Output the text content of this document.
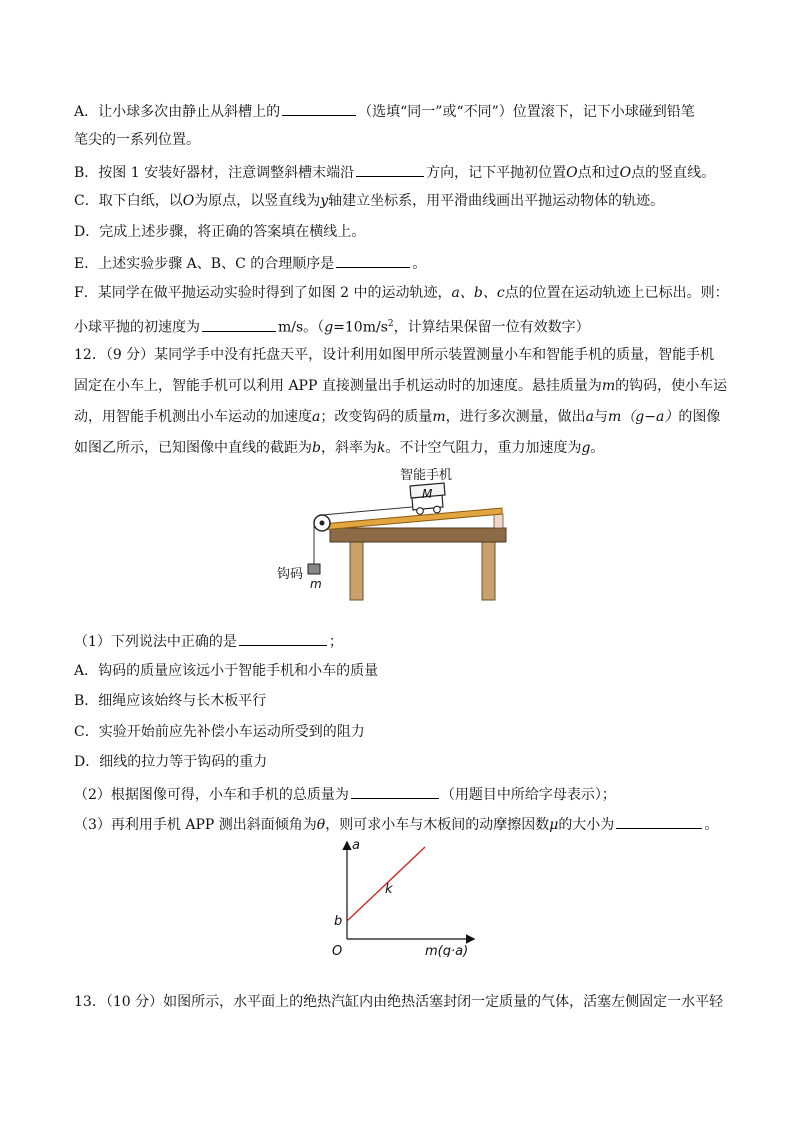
A．让小球多次由静止从斜槽上的	（选填“同一”或“不同”）位置滚下，记下小球碰到铅笔
笔尖的一系列位置。
B．按图 1 安装好器材，注意调整斜槽末端沿	方向，记下平抛初位置O点和过O点的竖直线。
C．取下白纸，以O为原点，以竖直线为y轴建立坐标系，用平滑曲线画出平抛运动物体的轨迹。
D．完成上述步骤，将正确的答案填在横线上。
E．上述实验步骤 A、B、C 的合理顺序是	。
F．某同学在做平抛运动实验时得到了如图 2 中的运动轨迹，a、b、c点的位置在运动轨迹上已标出。则：
小球平抛的初速度为	m/s。（$g=10m/s^2$，计算结果保留一位有效数字）
12．（9 分）某同学手中没有托盘天平，设计利用如图甲所示装置测量小车和智能手机的质量，智能手机
固定在小车上，智能手机可以利用 APP 直接测量出手机运动时的加速度。悬挂质量为m的钩码，使小车运
动，用智能手机测出小车运动的加速度a；改变钩码的质量m，进行多次测量，做出a与m（g−a）的图像
如图乙所示，已知图像中直线的截距为b，斜率为k。不计空气阻力，重力加速度为g。
智能手机
M
钩码
m
（1）下列说法中正确的是	；
A．钩码的质量应该远小于智能手机和小车的质量
B．细绳应该始终与长木板平行
C．实验开始前应先补偿小车运动所受到的阻力
D．细线的拉力等于钩码的重力
（2）根据图像可得，小车和手机的总质量为	（用题目中所给字母表示）；
（3）再利用手机 APP 测出斜面倾角为θ，则可求小车与木板间的动摩擦因数μ的大小为	。
a
m(g·a)
O
b
k
13．（10 分）如图所示，水平面上的绝热汽缸内由绝热活塞封闭一定质量的气体，活塞左侧固定一水平轻
